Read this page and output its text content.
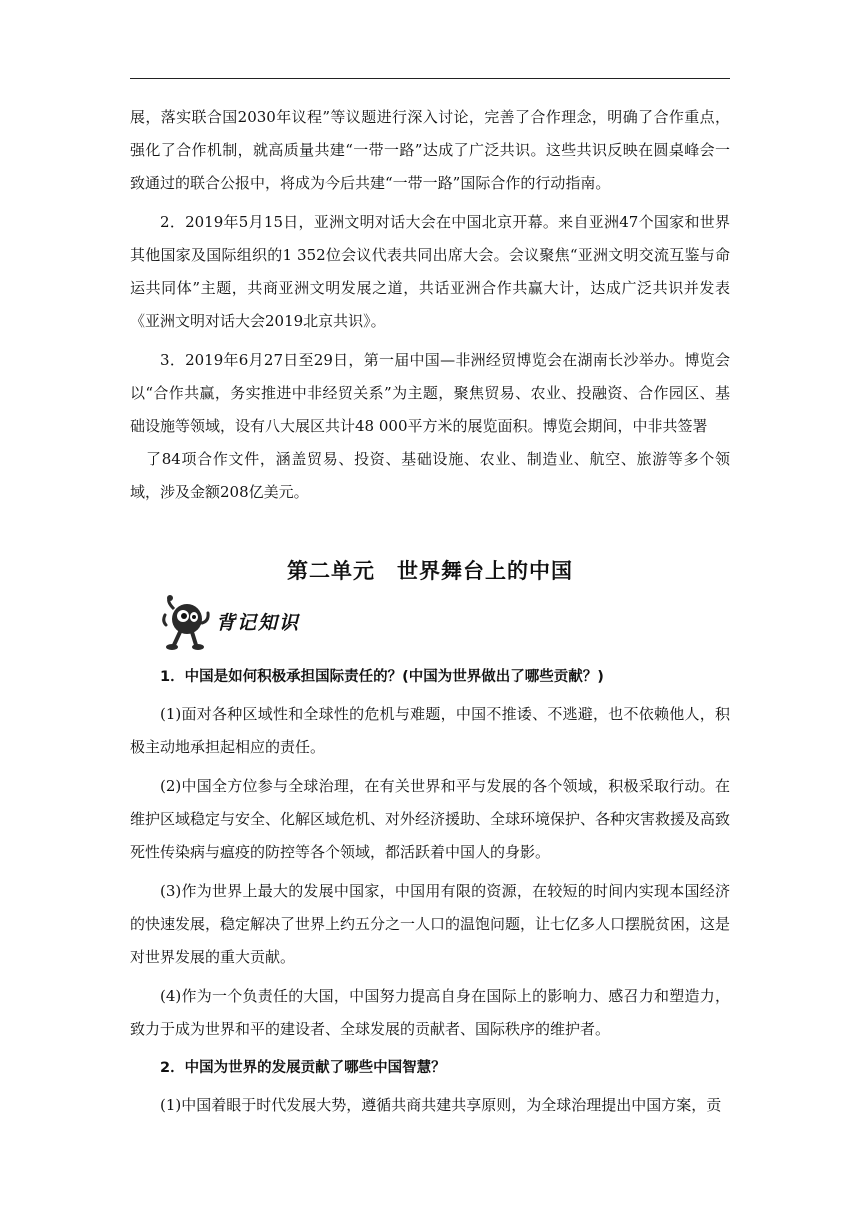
展，落实联合国2030年议程”等议题进行深入讨论，完善了合作理念，明确了合作重点，强化了合作机制，就高质量共建“一带一路”达成了广泛共识。这些共识反映在圆桌峰会一致通过的联合公报中，将成为今后共建“一带一路”国际合作的行动指南。

2．2019年5月15日，亚洲文明对话大会在中国北京开幕。来自亚洲47个国家和世界其他国家及国际组织的1 352位会议代表共同出席大会。会议聚焦“亚洲文明交流互鉴与命运共同体”主题，共商亚洲文明发展之道，共话亚洲合作共赢大计，达成广泛共识并发表《亚洲文明对话大会2019北京共识》。

3．2019年6月27日至29日，第一届中国—非洲经贸博览会在湖南长沙举办。博览会以“合作共赢，务实推进中非经贸关系”为主题，聚焦贸易、农业、投融资、合作园区、基础设施等领域，设有八大展区共计48 000平方米的展览面积。博览会期间，中非共签署

了84项合作文件，涵盖贸易、投资、基础设施、农业、制造业、航空、旅游等多个领域，涉及金额208亿美元。

第二单元　世界舞台上的中国
背记知识

1．中国是如何积极承担国际责任的？(中国为世界做出了哪些贡献？)

(1)面对各种区域性和全球性的危机与难题，中国不推诿、不逃避，也不依赖他人，积极主动地承担起相应的责任。

(2)中国全方位参与全球治理，在有关世界和平与发展的各个领域，积极采取行动。在维护区域稳定与安全、化解区域危机、对外经济援助、全球环境保护、各种灾害救援及高致死性传染病与瘟疫的防控等各个领域，都活跃着中国人的身影。

(3)作为世界上最大的发展中国家，中国用有限的资源，在较短的时间内实现本国经济的快速发展，稳定解决了世界上约五分之一人口的温饱问题，让七亿多人口摆脱贫困，这是对世界发展的重大贡献。

(4)作为一个负责任的大国，中国努力提高自身在国际上的影响力、感召力和塑造力，致力于成为世界和平的建设者、全球发展的贡献者、国际秩序的维护者。

2．中国为世界的发展贡献了哪些中国智慧？

(1)中国着眼于时代发展大势，遵循共商共建共享原则，为全球治理提出中国方案，贡
